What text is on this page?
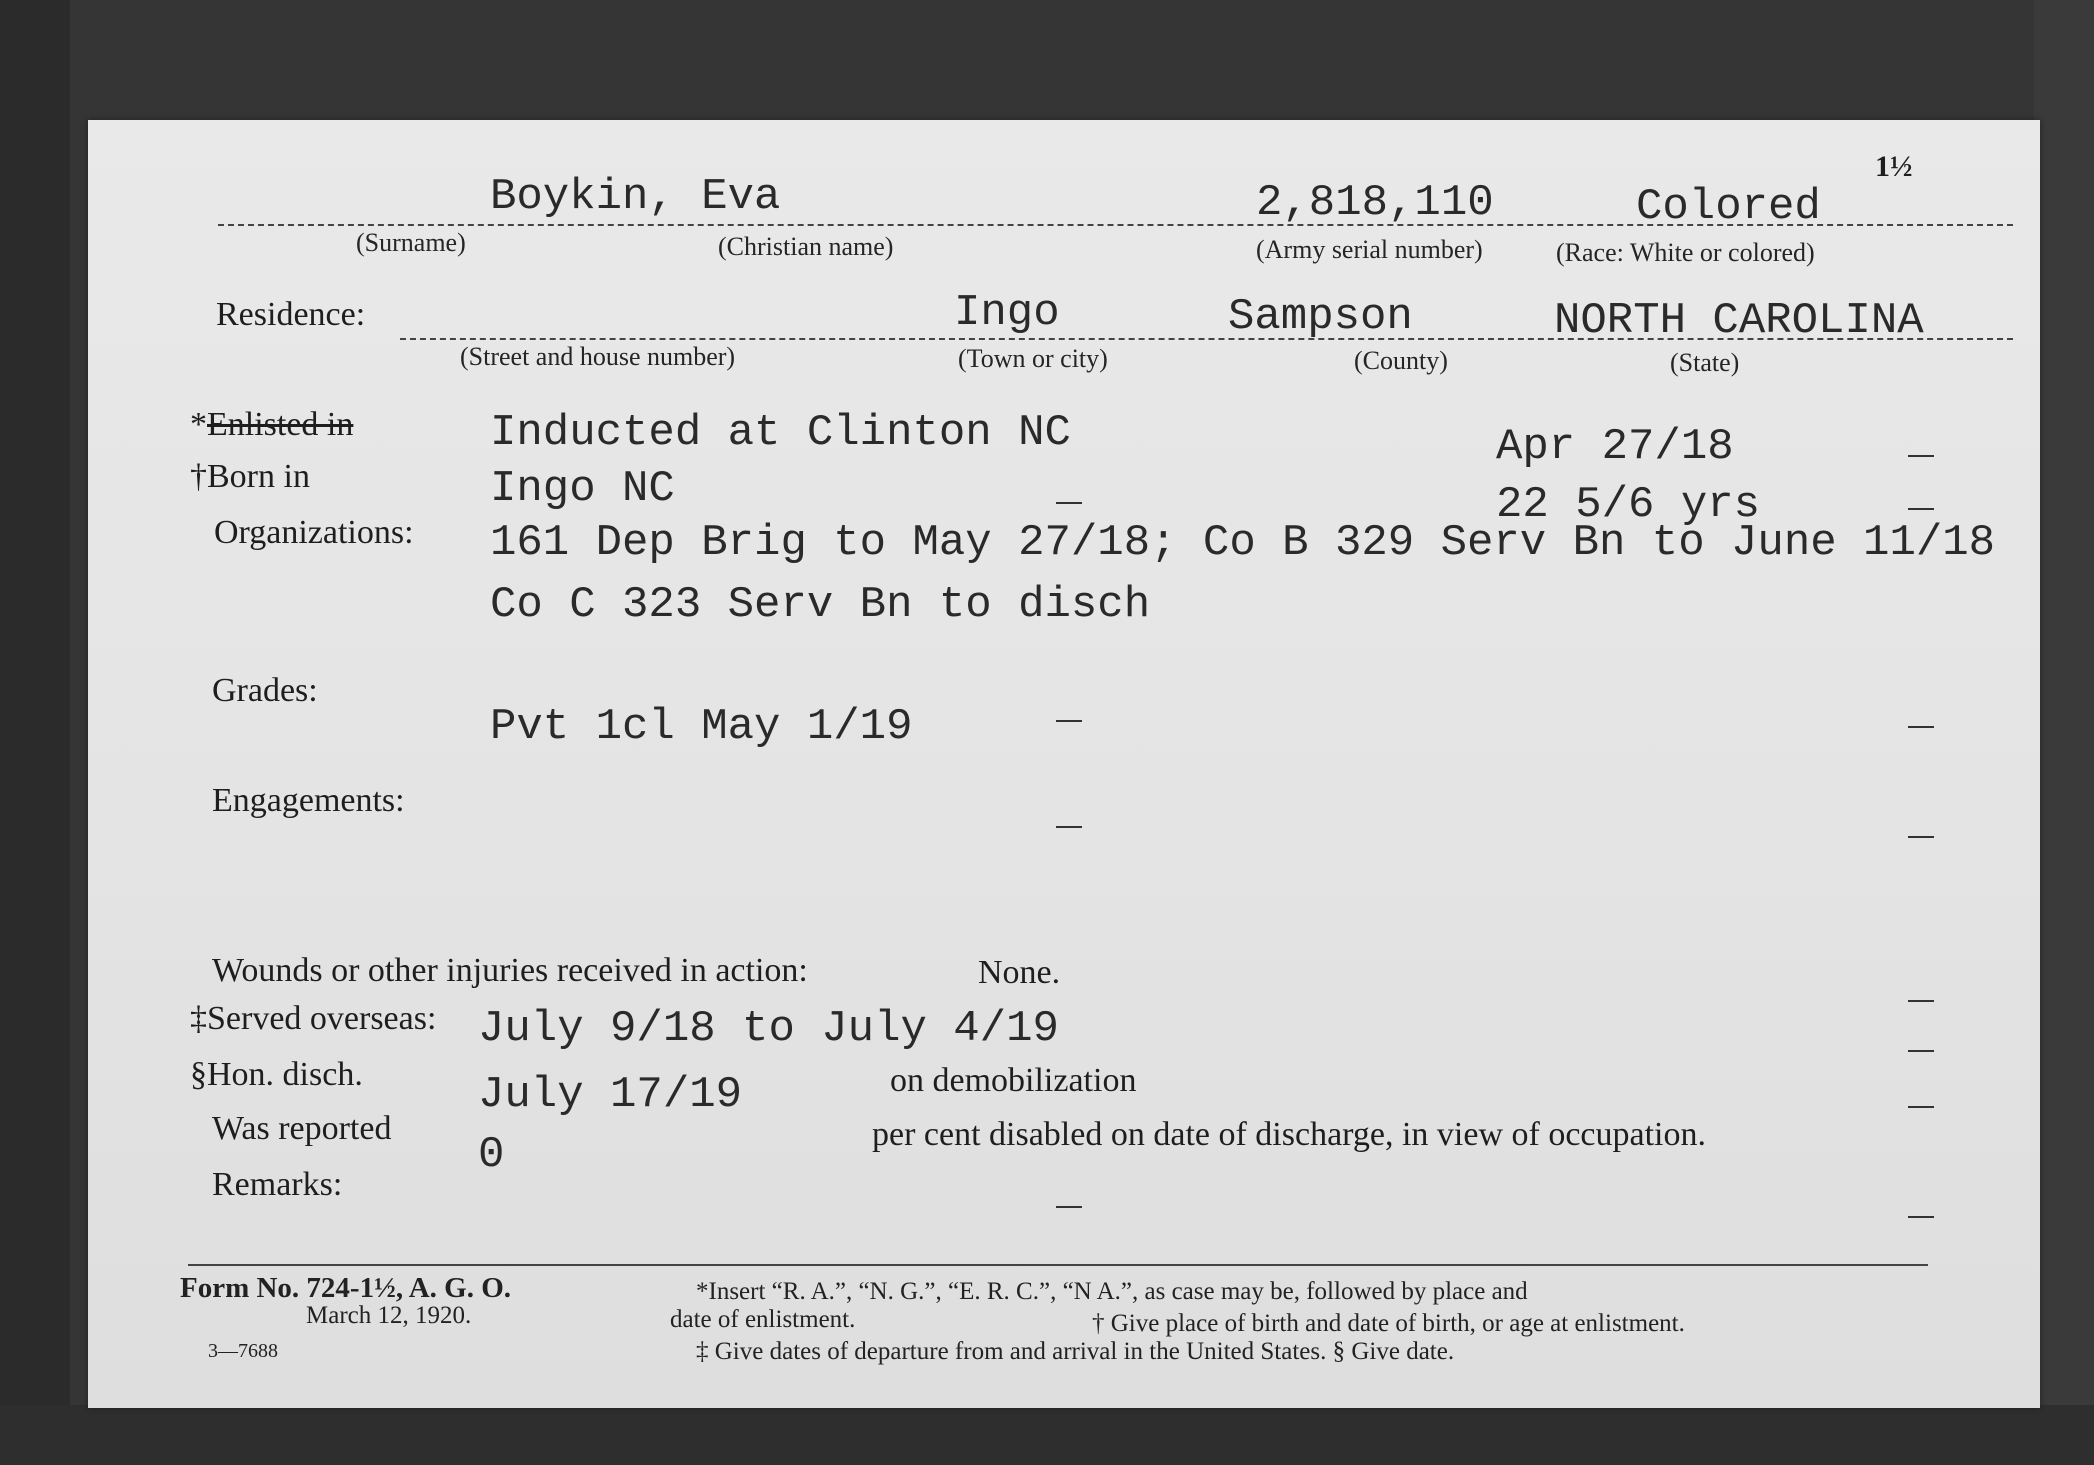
1½
Boykin, Eva	2,818,110	Colored
(Surname)	(Christian name)	(Army serial number)	(Race: White or colored)
Residence:	Ingo	Sampson	NORTH CAROLINA
(Street and house number)	(Town or city)	(County)	(State)
*Enlisted in	Inducted at Clinton NC	Apr 27/18
†Born in	Ingo NC	22 5/6 yrs
Organizations: 161 Dep Brig to May 27/18; Co B 329 Serv Bn to June 11/18
Co C 323 Serv Bn to disch
Grades:
Pvt 1cl May 1/19
Engagements:
Wounds or other injuries received in action:	None.
‡Served overseas: July 9/18 to July 4/19
§Hon. disch.	July 17/19	on demobilization
Was reported
0	per cent disabled on date of discharge, in view of occupation.
Remarks:
Form No. 724-1½, A. G. O.
March 12, 1920.
3—7688
*Insert “R. A.”, “N. G.”, “E. R. C.”, “N A.”, as case may be, followed by place and
date of enlistment.	† Give place of birth and date of birth, or age at enlistment.
‡ Give dates of departure from and arrival in the United States. § Give date.
